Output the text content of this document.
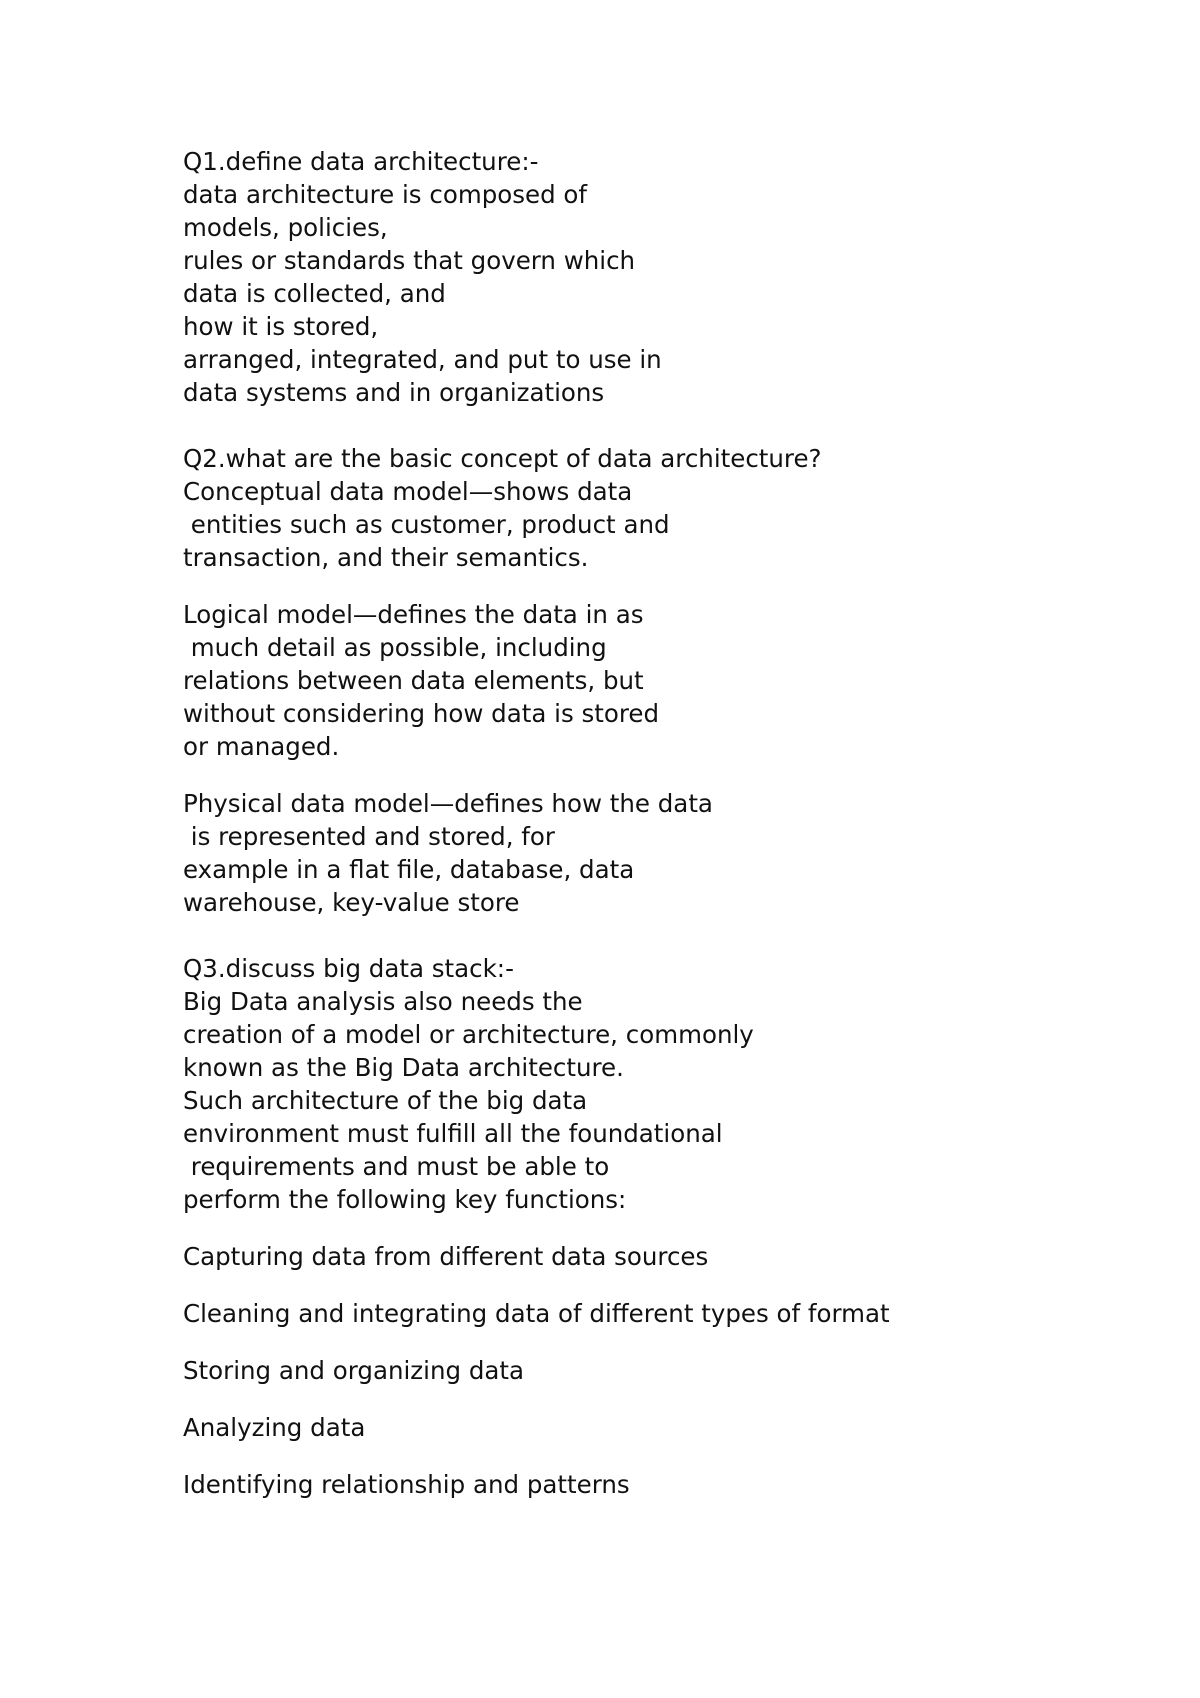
Q1.define data architecture:-
data architecture is composed of
models, policies,
rules or standards that govern which
data is collected, and
how it is stored,
arranged, integrated, and put to use in
data systems and in organizations
Q2.what are the basic concept of data architecture?
Conceptual data model—shows data
entities such as customer, product and
transaction, and their semantics.
Logical model—defines the data in as
much detail as possible, including
relations between data elements, but
without considering how data is stored
or managed.
Physical data model—defines how the data
is represented and stored, for
example in a flat file, database, data
warehouse, key-value store
Q3.discuss big data stack:-
Big Data analysis also needs the
creation of a model or architecture, commonly
known as the Big Data architecture.
Such architecture of the big data
environment must fulfill all the foundational
requirements and must be able to
perform the following key functions:
Capturing data from different data sources
Cleaning and integrating data of different types of format
Storing and organizing data
Analyzing data
Identifying relationship and patterns
